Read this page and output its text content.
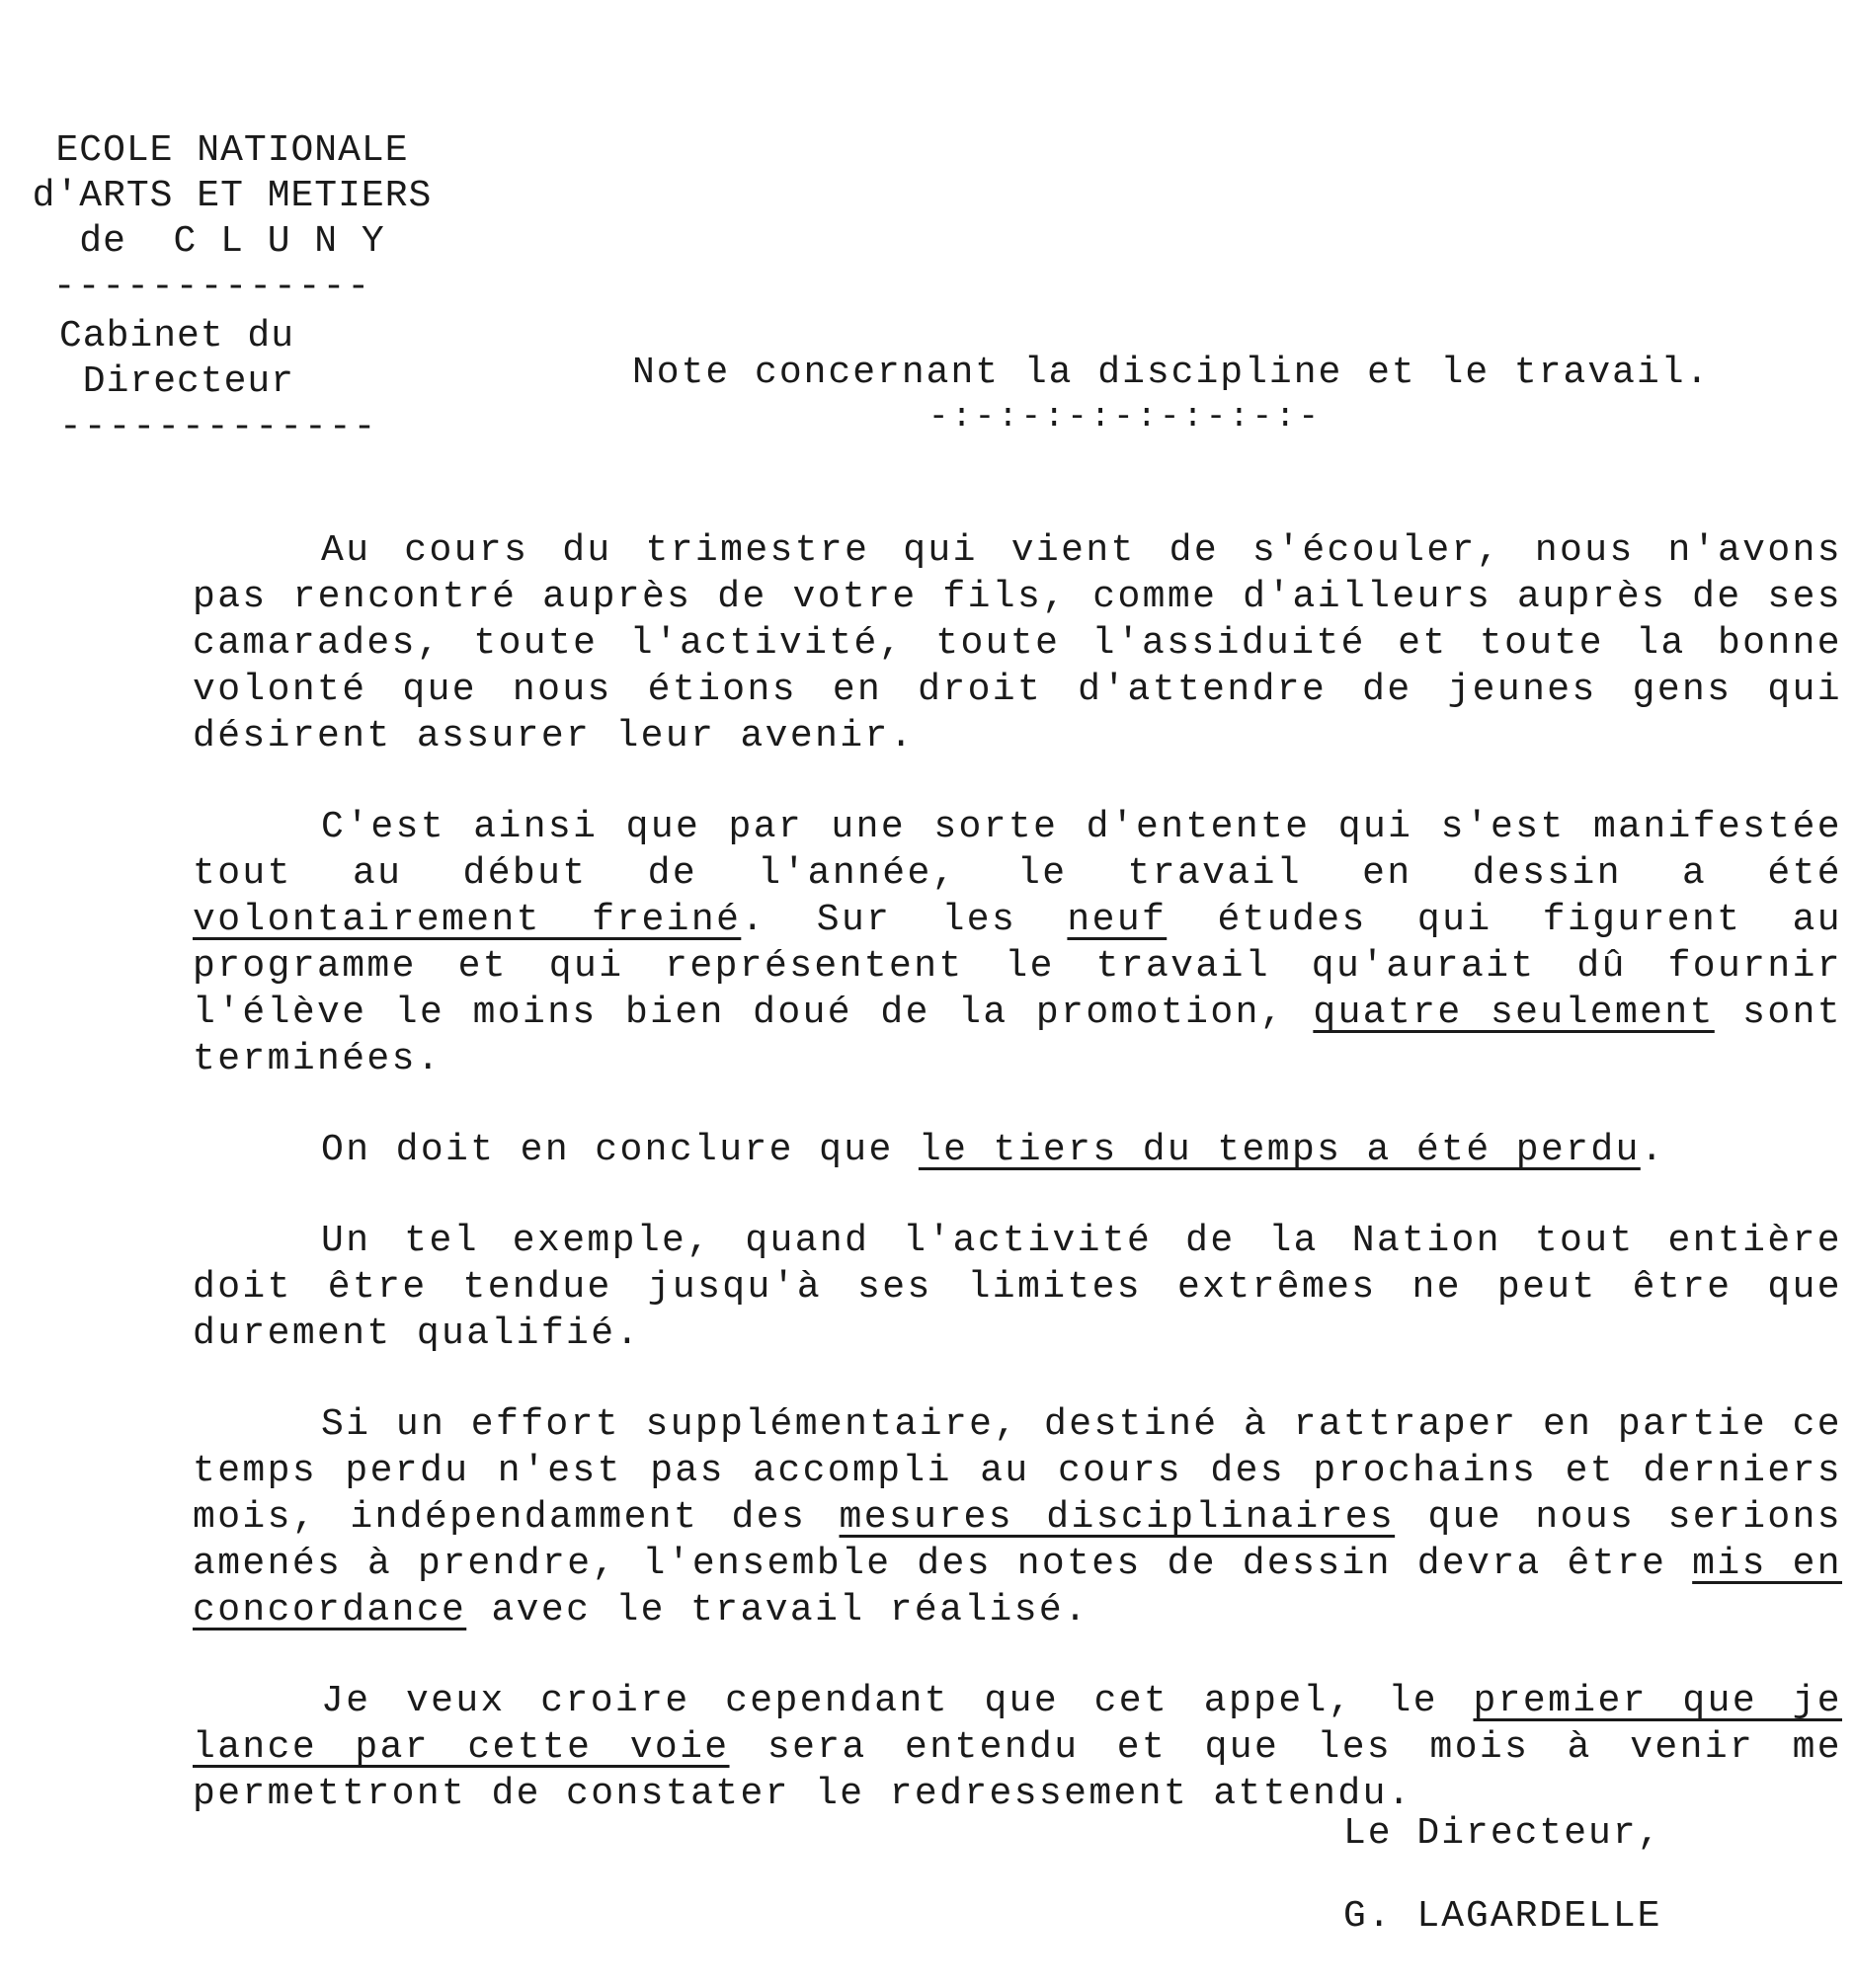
ECOLE NATIONALE
d'ARTS ET METIERS
de  C L U N Y
-------------
Cabinet du
Directeur
-------------
Note concernant la discipline et le travail.
-:-:-:-:-:-:-:-:-

Au cours du trimestre qui vient de s'écouler, nous n'avons pas rencontré auprès de votre fils, comme d'ailleurs auprès de ses camarades, toute l'activité, toute l'assiduité et toute la bonne volonté que nous étions en droit d'attendre de jeunes gens qui désirent assurer leur avenir.

C'est ainsi que par une sorte d'entente qui s'est manifestée tout au début de l'année, le travail en dessin a été volontairement freiné. Sur les neuf études qui figurent au programme et qui représentent le travail qu'aurait dû fournir l'élève le moins bien doué de la promotion, quatre seulement sont terminées.

On doit en conclure que le tiers du temps a été perdu.

Un tel exemple, quand l'activité de la Nation tout entière doit être tendue jusqu'à ses limites extrêmes ne peut être que durement qualifié.

Si un effort supplémentaire, destiné à rattraper en partie ce temps perdu n'est pas accompli au cours des prochains et derniers mois, indépendamment des mesures disciplinaires que nous serions amenés à prendre, l'ensemble des notes de dessin devra être mis en concordance avec le travail réalisé.

Je veux croire cependant que cet appel, le premier que je lance par cette voie sera entendu et que les mois à venir me permettront de constater le redressement attendu.

Le Directeur,
G. LAGARDELLE
